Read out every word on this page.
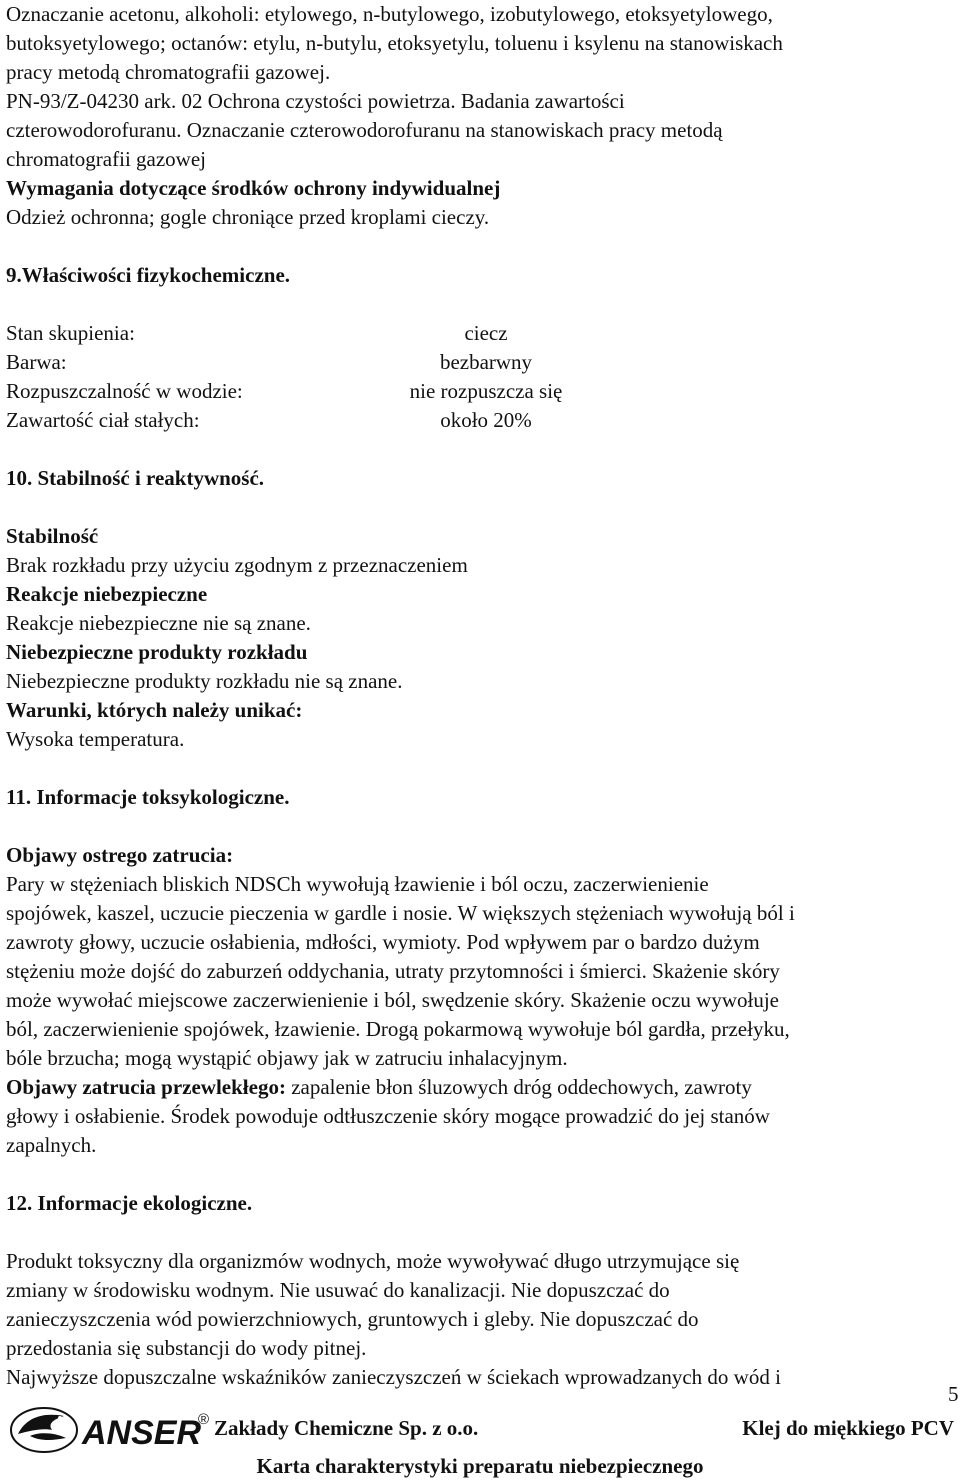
Oznaczanie acetonu, alkoholi: etylowego, n-butylowego, izobutylowego, etoksyetylowego,

butoksyetylowego; octanów: etylu, n-butylu, etoksyetylu, toluenu i ksylenu na stanowiskach

pracy metodą chromatografii gazowej.

PN-93/Z-04230 ark. 02 Ochrona czystości powietrza. Badania zawartości

czterowodorofuranu. Oznaczanie czterowodorofuranu na stanowiskach pracy metodą

chromatografii gazowej

Wymagania dotyczące środków ochrony indywidualnej

Odzież ochronna; gogle chroniące przed kroplami cieczy.

9.Właściwości fizykochemiczne.

Stan skupienia:	ciecz
Barwa:	bezbarwny
Rozpuszczalność w wodzie:	nie rozpuszcza się
Zawartość ciał stałych:	około 20%

10. Stabilność i reaktywność.

Stabilność

Brak rozkładu przy użyciu zgodnym z przeznaczeniem

Reakcje niebezpieczne

Reakcje niebezpieczne nie są znane.

Niebezpieczne produkty rozkładu

Niebezpieczne produkty rozkładu nie są znane.

Warunki, których należy unikać:

Wysoka temperatura.

11. Informacje toksykologiczne.

Objawy ostrego zatrucia:

Pary w stężeniach bliskich NDSCh wywołują łzawienie i ból oczu, zaczerwienienie

spojówek, kaszel, uczucie pieczenia w gardle i nosie. W większych stężeniach wywołują ból i

zawroty głowy, uczucie osłabienia, mdłości, wymioty. Pod wpływem par o bardzo dużym

stężeniu może dojść do zaburzeń oddychania, utraty przytomności i śmierci. Skażenie skóry

może wywołać miejscowe zaczerwienienie i ból, swędzenie skóry. Skażenie oczu wywołuje

ból, zaczerwienienie spojówek, łzawienie. Drogą pokarmową wywołuje ból gardła, przełyku,

bóle brzucha; mogą wystąpić objawy jak w zatruciu inhalacyjnym.

Objawy zatrucia przewlekłego: zapalenie błon śluzowych dróg oddechowych, zawroty

głowy i osłabienie. Środek powoduje odtłuszczenie skóry mogące prowadzić do jej stanów

zapalnych.

12. Informacje ekologiczne.

Produkt toksyczny dla organizmów wodnych, może wywoływać długo utrzymujące się

zmiany w środowisku wodnym. Nie usuwać do kanalizacji. Nie dopuszczać do

zanieczyszczenia wód powierzchniowych, gruntowych i gleby. Nie dopuszczać do

przedostania się substancji do wody pitnej.

Najwyższe dopuszczalne wskaźników zanieczyszczeń w ściekach wprowadzanych do wód i

5
ANSER
® Zakłady Chemiczne Sp. z o.o.	Klej do miękkiego PCV
Karta charakterystyki preparatu niebezpiecznego
